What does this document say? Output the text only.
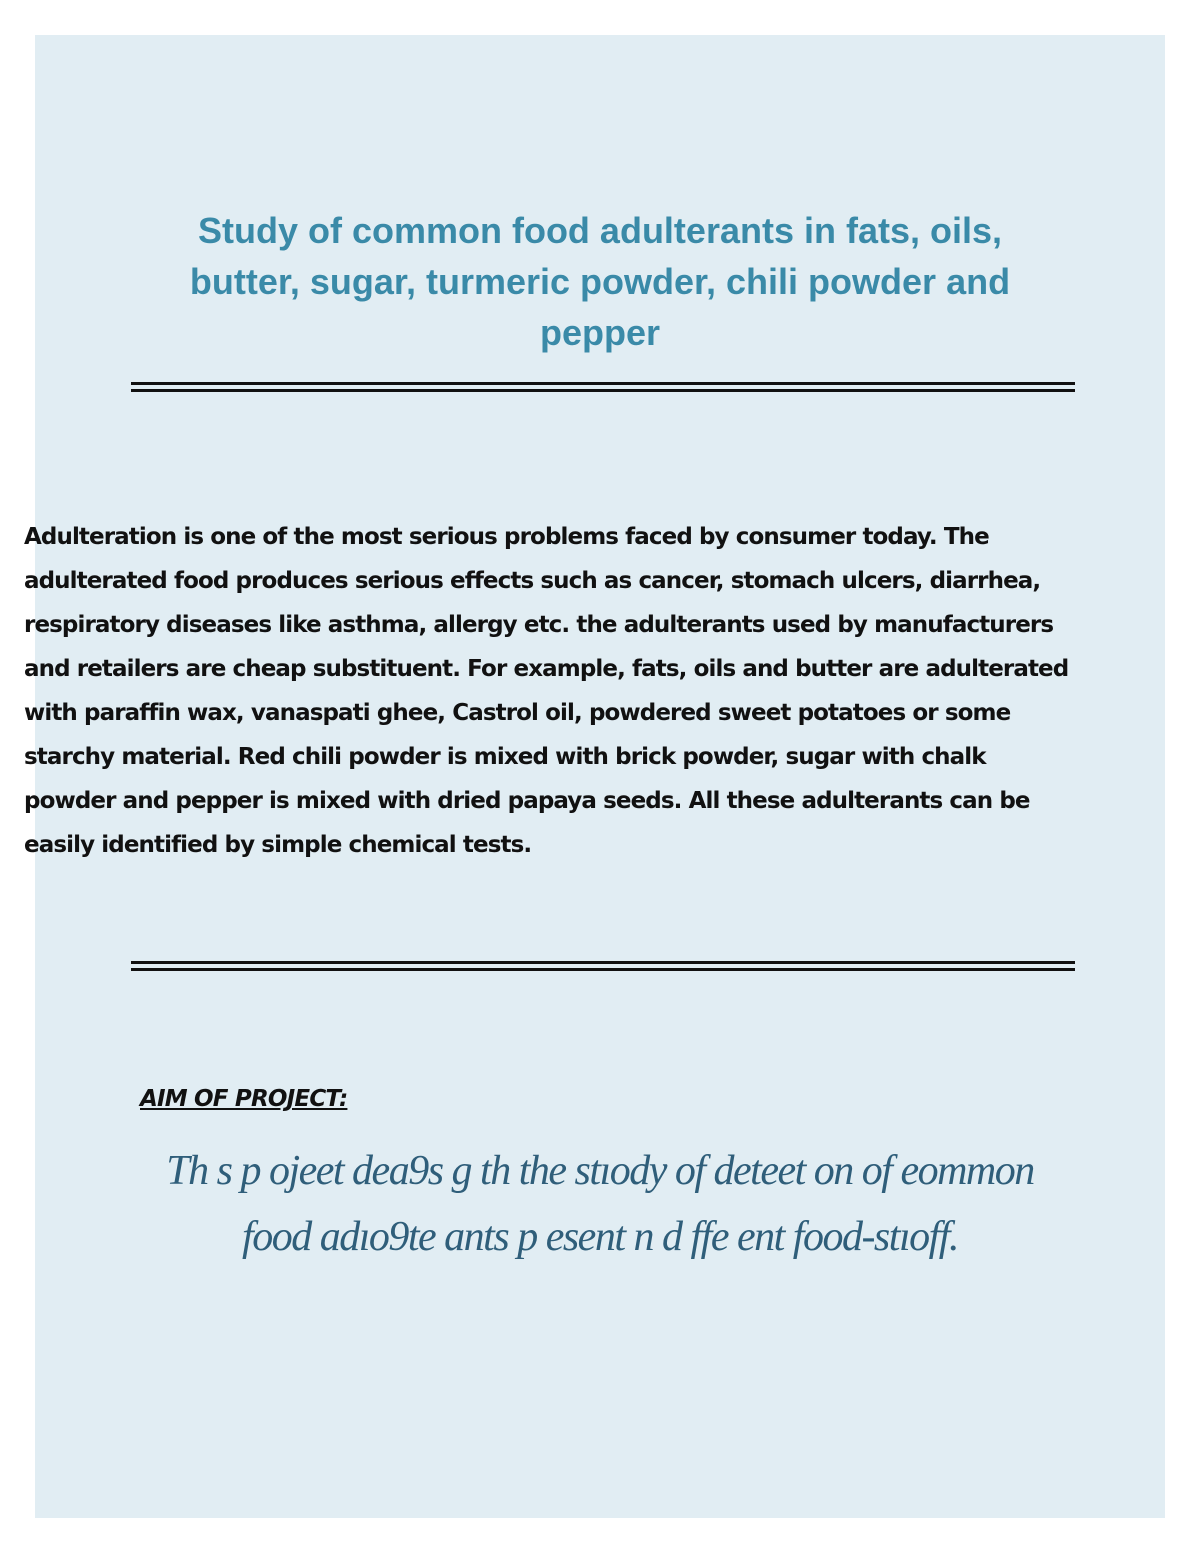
Study of common food adulterants in fats, oils, butter, sugar, turmeric powder, chili powder and pepper

Adulteration is one of the most serious problems faced by consumer today. The adulterated food produces serious effects such as cancer, stomach ulcers, diarrhea, respiratory diseases like asthma, allergy etc. the adulterants used by manufacturers and retailers are cheap substituent. For example, fats, oils and butter are adulterated with paraffin wax, vanaspati ghee, Castrol oil, powdered sweet potatoes or some starchy material. Red chili powder is mixed with brick powder, sugar with chalk powder and pepper is mixed with dried papaya seeds. All these adulterants can be easily identified by simple chemical tests.

AIM OF PROJECT:

Th s p ojeet dea9s g th the stıody of deteet on of eommon food adıo9te ants p esent n d ffe ent food-stıoff.
